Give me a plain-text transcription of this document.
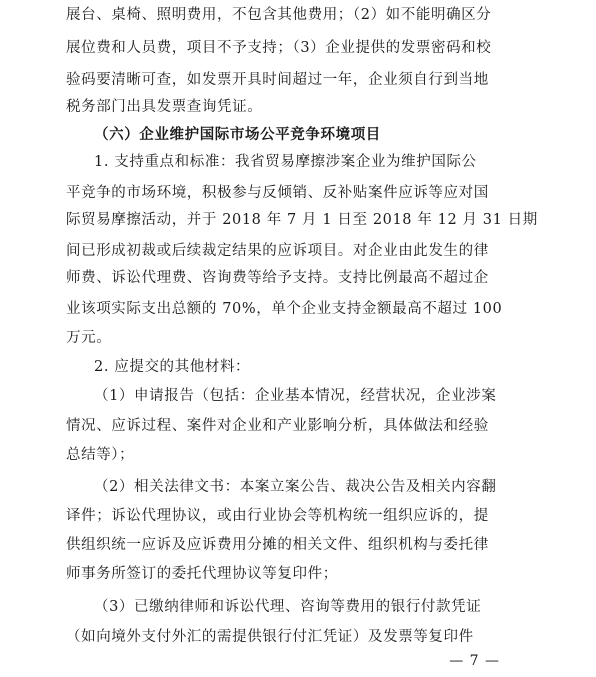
展台、桌椅、照明费用，不包含其他费用；（2）如不能明确区分
展位费和人员费，项目不予支持；（3）企业提供的发票密码和校
验码要清晰可查，如发票开具时间超过一年，企业须自行到当地
税务部门出具发票查询凭证。
（六）企业维护国际市场公平竞争环境项目
1. 支持重点和标准：我省贸易摩擦涉案企业为维护国际公
平竞争的市场环境，积极参与反倾销、反补贴案件应诉等应对国
际贸易摩擦活动，并于 2018 年 7 月 1 日至 2018 年 12 月 31 日期
间已形成初裁或后续裁定结果的应诉项目。对企业由此发生的律
师费、诉讼代理费、咨询费等给予支持。支持比例最高不超过企
业该项实际支出总额的 70%，单个企业支持金额最高不超过 100
万元。
2. 应提交的其他材料：
（1）申请报告（包括：企业基本情况，经营状况，企业涉案
情况、应诉过程、案件对企业和产业影响分析，具体做法和经验
总结等）；
（2）相关法律文书：本案立案公告、裁决公告及相关内容翻
译件；诉讼代理协议，或由行业协会等机构统一组织应诉的，提
供组织统一应诉及应诉费用分摊的相关文件、组织机构与委托律
师事务所签订的委托代理协议等复印件；
（3）已缴纳律师和诉讼代理、咨询等费用的银行付款凭证
（如向境外支付外汇的需提供银行付汇凭证）及发票等复印件
— 7 —
